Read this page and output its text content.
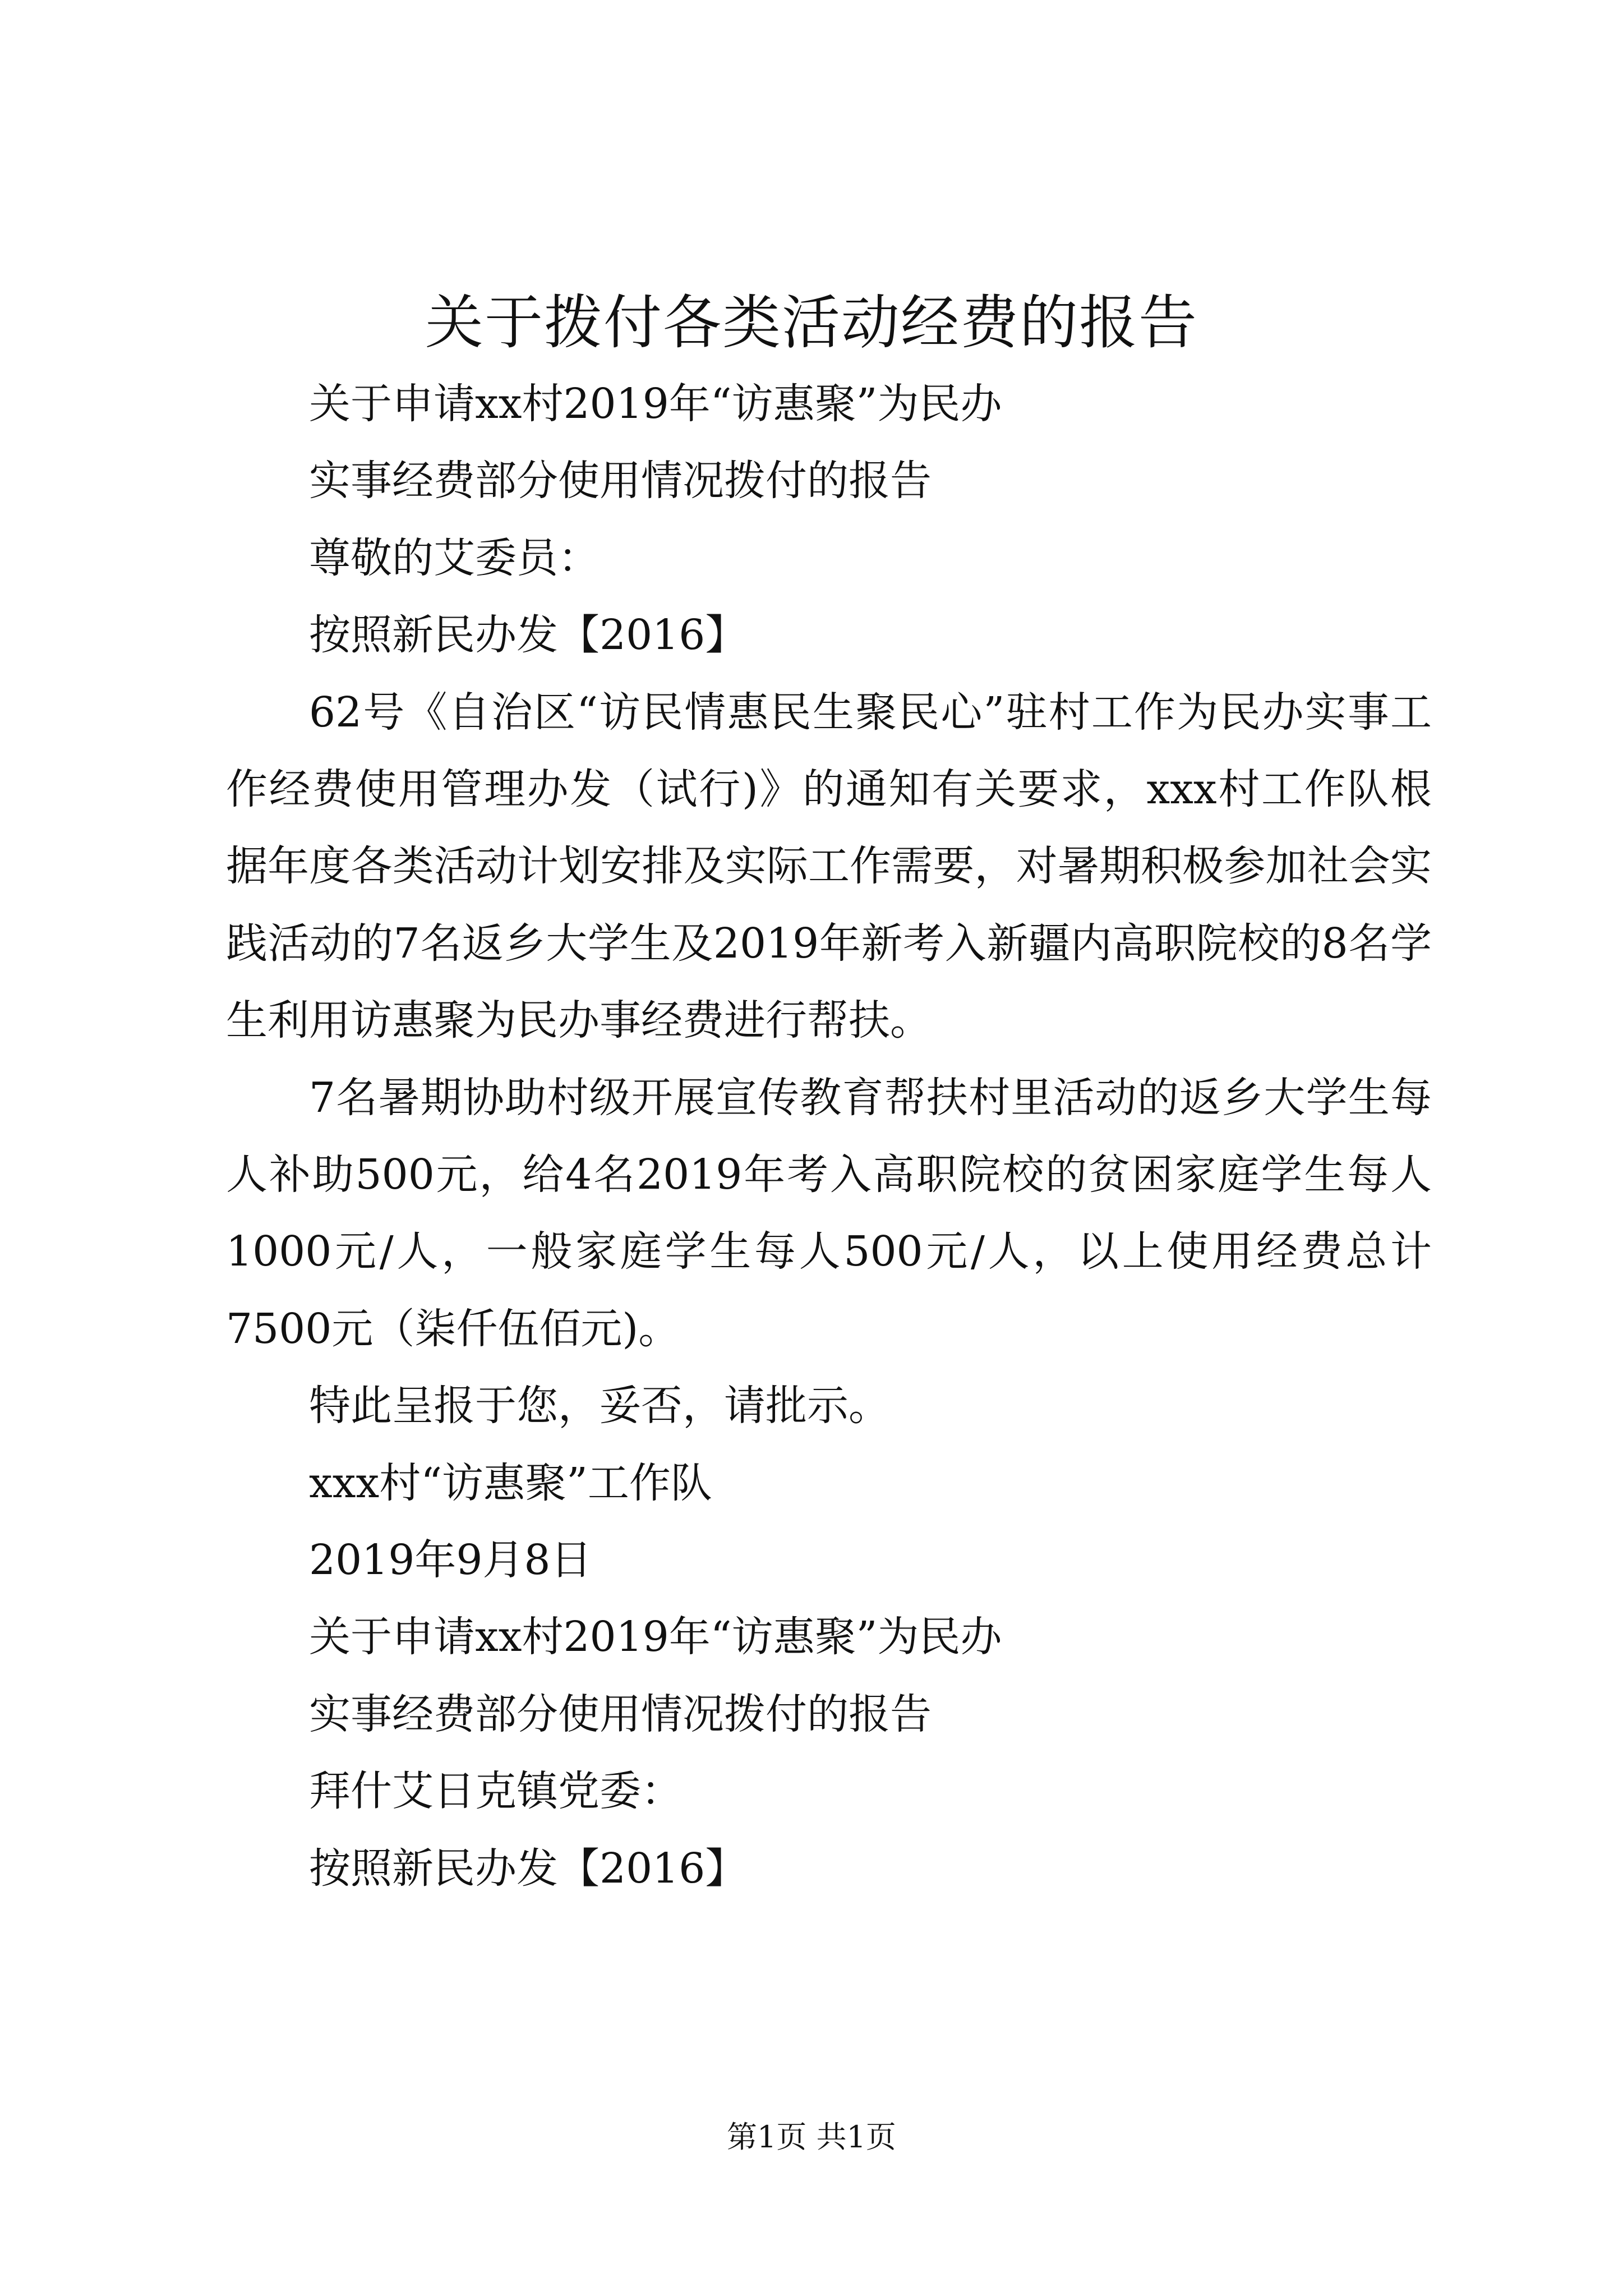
关于拨付各类活动经费的报告
关于申请xx村2019年“访惠聚”为民办
实事经费部分使用情况拨付的报告
尊敬的艾委员：
按照新民办发【2016】
62号《自治区“访民情惠民生聚民心”驻村工作为民办实事工作经费使用管理办发（试行)》的通知有关要求，xxx村工作队根据年度各类活动计划安排及实际工作需要，对暑期积极参加社会实践活动的7名返乡大学生及2019年新考入新疆内高职院校的8名学生利用访惠聚为民办事经费进行帮扶。
7名暑期协助村级开展宣传教育帮扶村里活动的返乡大学生每人补助500元，给4名2019年考入高职院校的贫困家庭学生每人1000元/人，一般家庭学生每人500元/人，以上使用经费总计7500元（柒仟伍佰元)。
特此呈报于您，妥否，请批示。
xxx村“访惠聚”工作队
2019年9月8日
关于申请xx村2019年“访惠聚”为民办
实事经费部分使用情况拨付的报告
拜什艾日克镇党委：
按照新民办发【2016】
第1页 共1页
